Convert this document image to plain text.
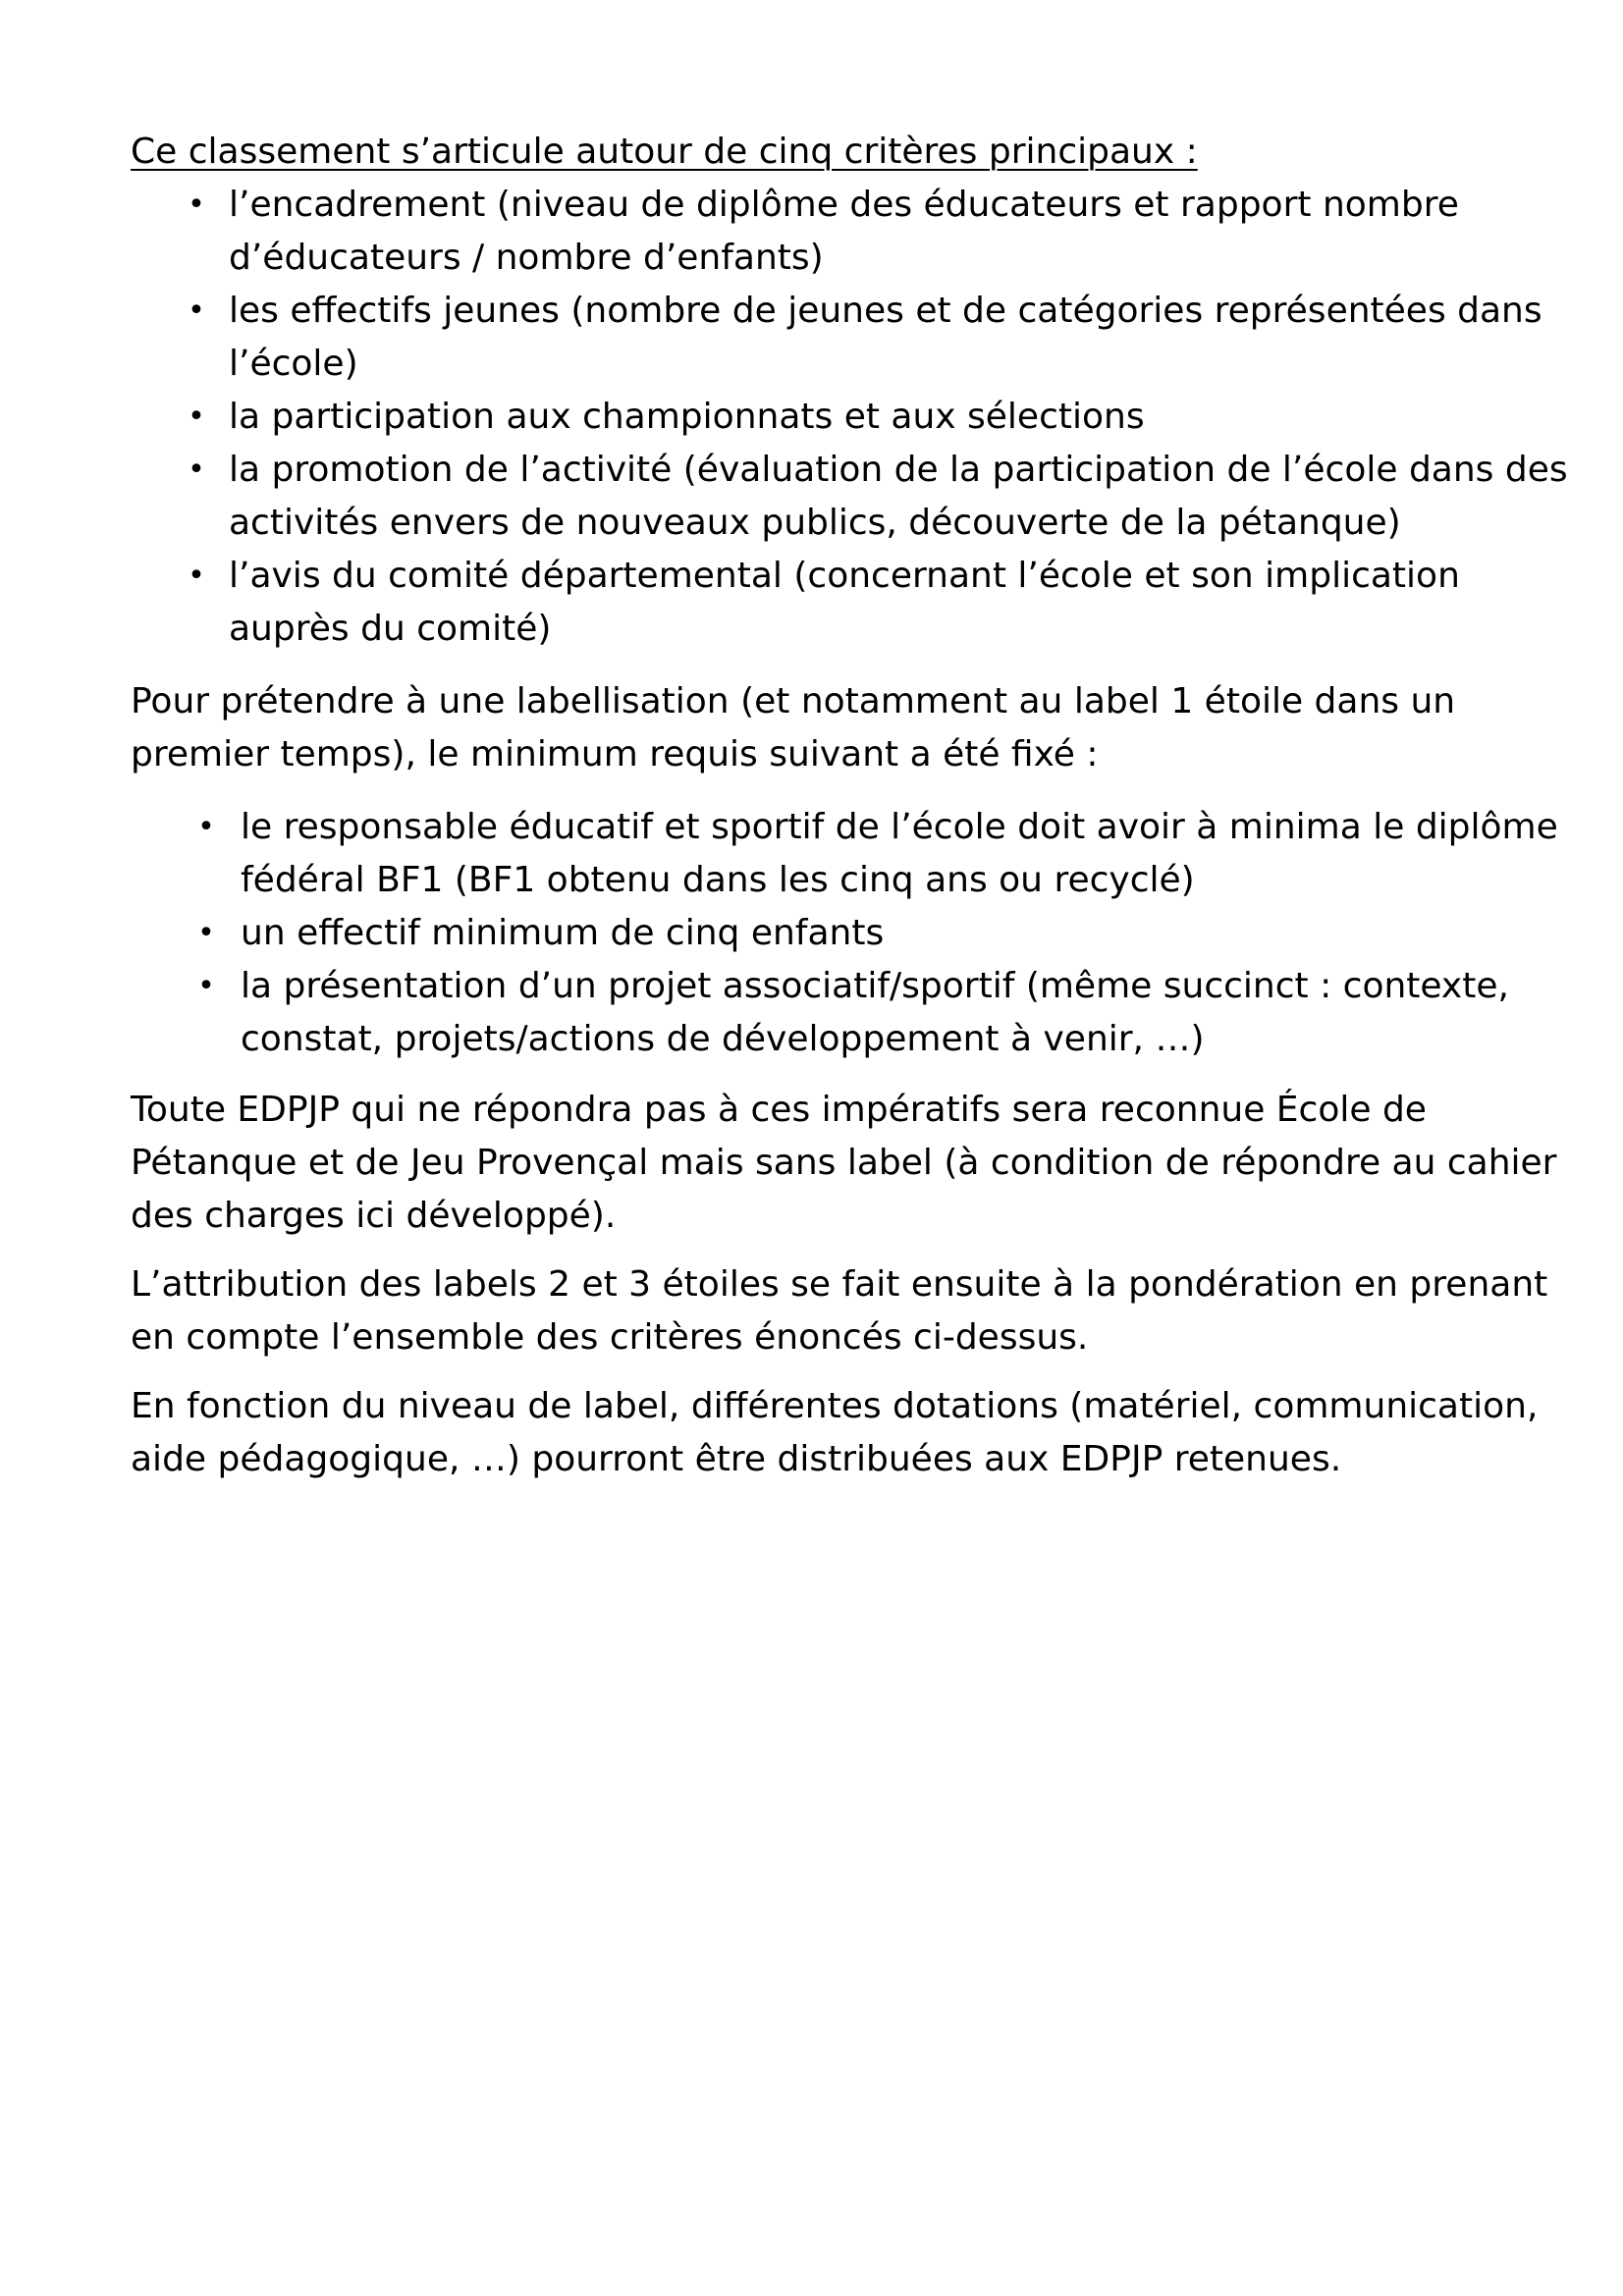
Ce classement s’articule autour de cinq critères principaux :
• l’encadrement (niveau de diplôme des éducateurs et rapport nombre d’éducateurs / nombre d’enfants)
• les effectifs jeunes (nombre de jeunes et de catégories représentées dans l’école)
• la participation aux championnats et aux sélections
• la promotion de l’activité (évaluation de la participation de l’école dans des activités envers de nouveaux publics, découverte de la pétanque)
• l’avis du comité départemental (concernant l’école et son implication auprès du comité)

Pour prétendre à une labellisation (et notamment au label 1 étoile dans un premier temps), le minimum requis suivant a été fixé :

• le responsable éducatif et sportif de l’école doit avoir à minima le diplôme fédéral BF1 (BF1 obtenu dans les cinq ans ou recyclé)
• un effectif minimum de cinq enfants
• la présentation d’un projet associatif/sportif (même succinct : contexte, constat, projets/actions de développement à venir, …)

Toute EDPJP qui ne répondra pas à ces impératifs sera reconnue École de Pétanque et de Jeu Provençal mais sans label (à condition de répondre au cahier des charges ici développé).

L’attribution des labels 2 et 3 étoiles se fait ensuite à la pondération en prenant en compte l’ensemble des critères énoncés ci-dessus.

En fonction du niveau de label, différentes dotations (matériel, communication, aide pédagogique, …) pourront être distribuées aux EDPJP retenues.
